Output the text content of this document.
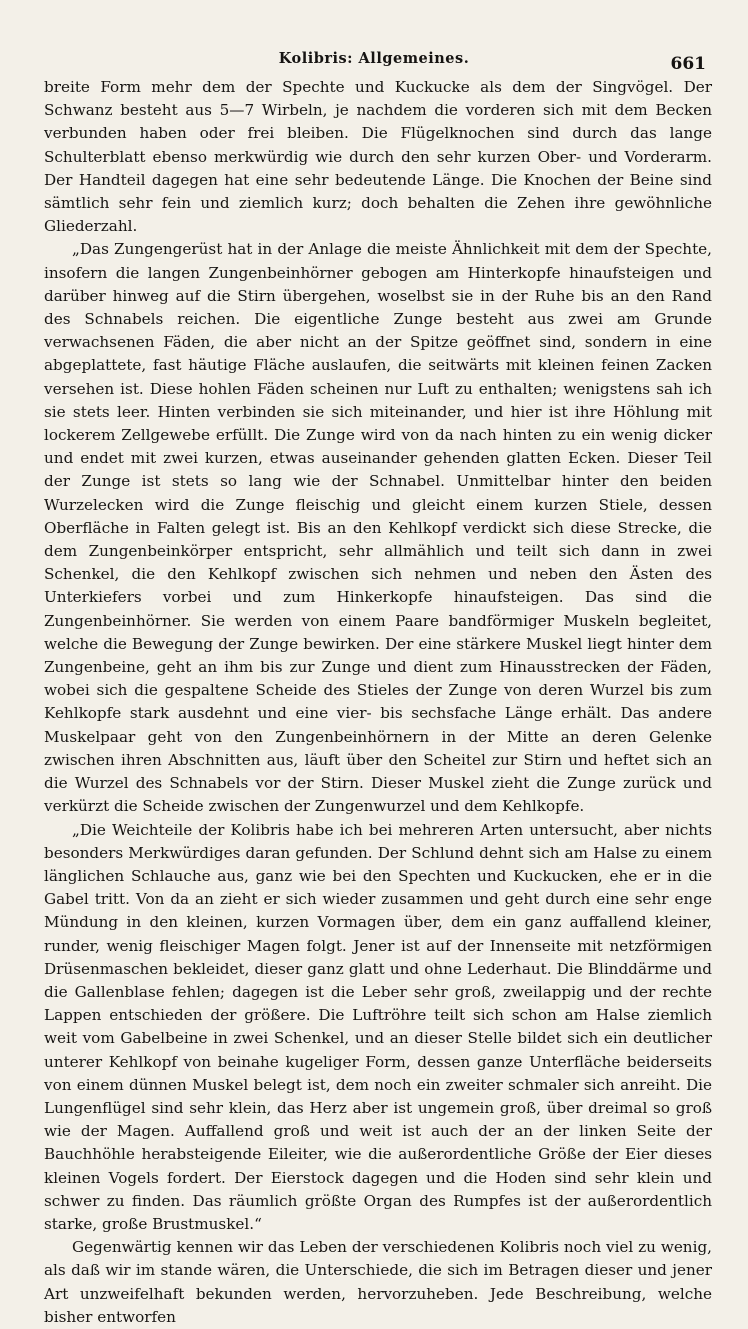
Kolibris: Allgemeines.	661

breite Form mehr dem der Spechte und Kuckucke als dem der Singvögel. Der Schwanz besteht aus 5—7 Wirbeln, je nachdem die vorderen sich mit dem Becken verbunden haben oder frei bleiben. Die Flügelknochen sind durch das lange Schulterblatt ebenso merkwürdig wie durch den sehr kurzen Ober- und Vorderarm. Der Handteil dagegen hat eine sehr bedeutende Länge. Die Knochen der Beine sind sämtlich sehr fein und ziemlich kurz; doch behalten die Zehen ihre gewöhnliche Gliederzahl.

„Das Zungengerüst hat in der Anlage die meiste Ähnlichkeit mit dem der Spechte, insofern die langen Zungenbeinhörner gebogen am Hinterkopfe hinaufsteigen und darüber hinweg auf die Stirn übergehen, woselbst sie in der Ruhe bis an den Rand des Schnabels reichen. Die eigentliche Zunge besteht aus zwei am Grunde verwachsenen Fäden, die aber nicht an der Spitze geöffnet sind, sondern in eine abgeplattete, fast häutige Fläche auslaufen, die seitwärts mit kleinen feinen Zacken versehen ist. Diese hohlen Fäden scheinen nur Luft zu enthalten; wenigstens sah ich sie stets leer. Hinten verbinden sie sich miteinander, und hier ist ihre Höhlung mit lockerem Zellgewebe erfüllt. Die Zunge wird von da nach hinten zu ein wenig dicker und endet mit zwei kurzen, etwas auseinander gehenden glatten Ecken. Dieser Teil der Zunge ist stets so lang wie der Schnabel. Unmittelbar hinter den beiden Wurzelecken wird die Zunge fleischig und gleicht einem kurzen Stiele, dessen Oberfläche in Falten gelegt ist. Bis an den Kehlkopf verdickt sich diese Strecke, die dem Zungenbeinkörper entspricht, sehr allmählich und teilt sich dann in zwei Schenkel, die den Kehlkopf zwischen sich nehmen und neben den Ästen des Unterkiefers vorbei und zum Hinkerkopfe hinaufsteigen. Das sind die Zungenbeinhörner. Sie werden von einem Paare bandförmiger Muskeln begleitet, welche die Bewegung der Zunge bewirken. Der eine stärkere Muskel liegt hinter dem Zungenbeine, geht an ihm bis zur Zunge und dient zum Hinausstrecken der Fäden, wobei sich die gespaltene Scheide des Stieles der Zunge von deren Wurzel bis zum Kehlkopfe stark ausdehnt und eine vier- bis sechsfache Länge erhält. Das andere Muskelpaar geht von den Zungenbeinhörnern in der Mitte an deren Gelenke zwischen ihren Abschnitten aus, läuft über den Scheitel zur Stirn und heftet sich an die Wurzel des Schnabels vor der Stirn. Dieser Muskel zieht die Zunge zurück und verkürzt die Scheide zwischen der Zungenwurzel und dem Kehlkopfe.

„Die Weichteile der Kolibris habe ich bei mehreren Arten untersucht, aber nichts besonders Merkwürdiges daran gefunden. Der Schlund dehnt sich am Halse zu einem länglichen Schlauche aus, ganz wie bei den Spechten und Kuckucken, ehe er in die Gabel tritt. Von da an zieht er sich wieder zusammen und geht durch eine sehr enge Mündung in den kleinen, kurzen Vormagen über, dem ein ganz auffallend kleiner, runder, wenig fleischiger Magen folgt. Jener ist auf der Innenseite mit netzförmigen Drüsenmaschen bekleidet, dieser ganz glatt und ohne Lederhaut. Die Blinddärme und die Gallenblase fehlen; dagegen ist die Leber sehr groß, zweilappig und der rechte Lappen entschieden der größere. Die Luftröhre teilt sich schon am Halse ziemlich weit vom Gabelbeine in zwei Schenkel, und an dieser Stelle bildet sich ein deutlicher unterer Kehlkopf von beinahe kugeliger Form, dessen ganze Unterfläche beiderseits von einem dünnen Muskel belegt ist, dem noch ein zweiter schmaler sich anreiht. Die Lungenflügel sind sehr klein, das Herz aber ist ungemein groß, über dreimal so groß wie der Magen. Auffallend groß und weit ist auch der an der linken Seite der Bauchhöhle herabsteigende Eileiter, wie die außerordentliche Größe der Eier dieses kleinen Vogels fordert. Der Eierstock dagegen und die Hoden sind sehr klein und schwer zu finden. Das räumlich größte Organ des Rumpfes ist der außerordentlich starke, große Brustmuskel.“

Gegenwärtig kennen wir das Leben der verschiedenen Kolibris noch viel zu wenig, als daß wir im stande wären, die Unterschiede, die sich im Betragen dieser und jener Art unzweifelhaft bekunden werden, hervorzuheben. Jede Beschreibung, welche bisher entworfen
